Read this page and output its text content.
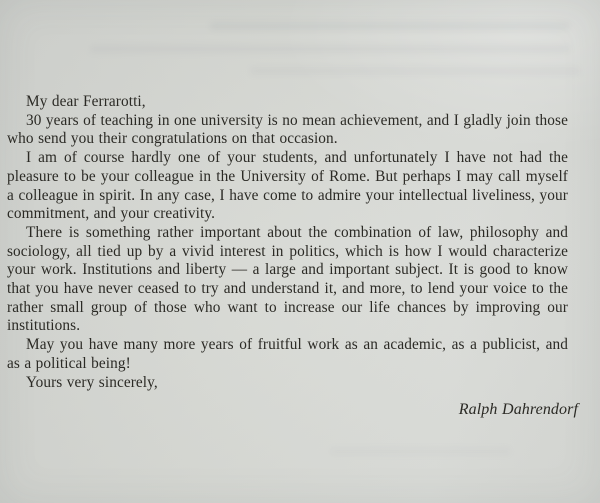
My dear Ferrarotti,

30 years of teaching in one university is no mean achievement, and I gladly join those who send you their congratulations on that occasion.

I am of course hardly one of your students, and unfortunately I have not had the pleasure to be your colleague in the University of Rome. But perhaps I may call myself a colleague in spirit. In any case, I have come to admire your intellectual liveliness, your commitment, and your creativity.

There is something rather important about the combination of law, philosophy and sociology, all tied up by a vivid interest in politics, which is how I would characterize your work. Institutions and liberty — a large and important subject. It is good to know that you have never ceased to try and understand it, and more, to lend your voice to the rather small group of those who want to increase our life chances by improving our institutions.

May you have many more years of fruitful work as an academic, as a publicist, and as a political being!

Yours very sincerely,

Ralph Dahrendorf
